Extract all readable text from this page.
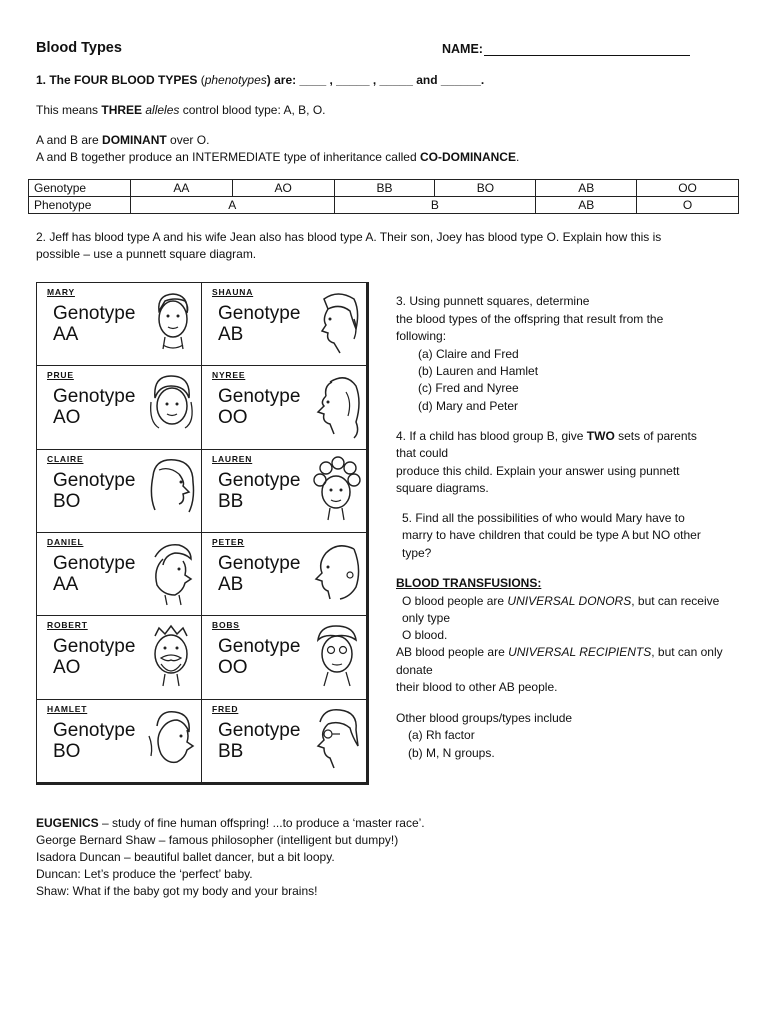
Blood Types	NAME:
1. The FOUR BLOOD TYPES (phenotypes) are: ____ , _____ , _____ and ______.
This means THREE alleles control blood type: A, B, O.
A and B are DOMINANT over O.
A and B together produce an INTERMEDIATE type of inheritance called CO-DOMINANCE.
Genotype	AA	AO	BB	BO	AB	OO
Phenotype	A		B		AB	O
2. Jeff has blood type A and his wife Jean also has blood type A. Their son, Joey has blood type O. Explain how this is
possible – use a punnett square diagram.
MARY
Genotype
AA
SHAUNA
Genotype
AB
PRUE
Genotype
AO
NYREE
Genotype
OO
CLAIRE
Genotype
BO
LAUREN
Genotype
BB
DANIEL
Genotype
AA
PETER
Genotype
AB
ROBERT
Genotype
AO
BOBS
Genotype
OO
HAMLET
Genotype
BO
FRED
Genotype
BB
3. Using punnett squares, determine
the blood types of the offspring that result from the
following:
(a) Claire and Fred
(b) Lauren and Hamlet
(c) Fred and Nyree
(d) Mary and Peter
4. If a child has blood group B, give TWO sets of parents
that could
produce this child. Explain your answer using punnett
square diagrams.
5. Find all the possibilities of who would Mary have to
marry to have children that could be type A but NO other
type?
BLOOD TRANSFUSIONS:
O blood people are UNIVERSAL DONORS, but can receive
only type
O blood.
AB blood people are UNIVERSAL RECIPIENTS, but can only
donate
their blood to other AB people.
Other blood groups/types include
(a) Rh factor
(b) M, N groups.
EUGENICS – study of fine human offspring! ...to produce a ‘master race’.
George Bernard Shaw – famous philosopher (intelligent but dumpy!)
Isadora Duncan – beautiful ballet dancer, but a bit loopy.
Duncan: Let’s produce the ‘perfect’ baby.
Shaw: What if the baby got my body and your brains!
